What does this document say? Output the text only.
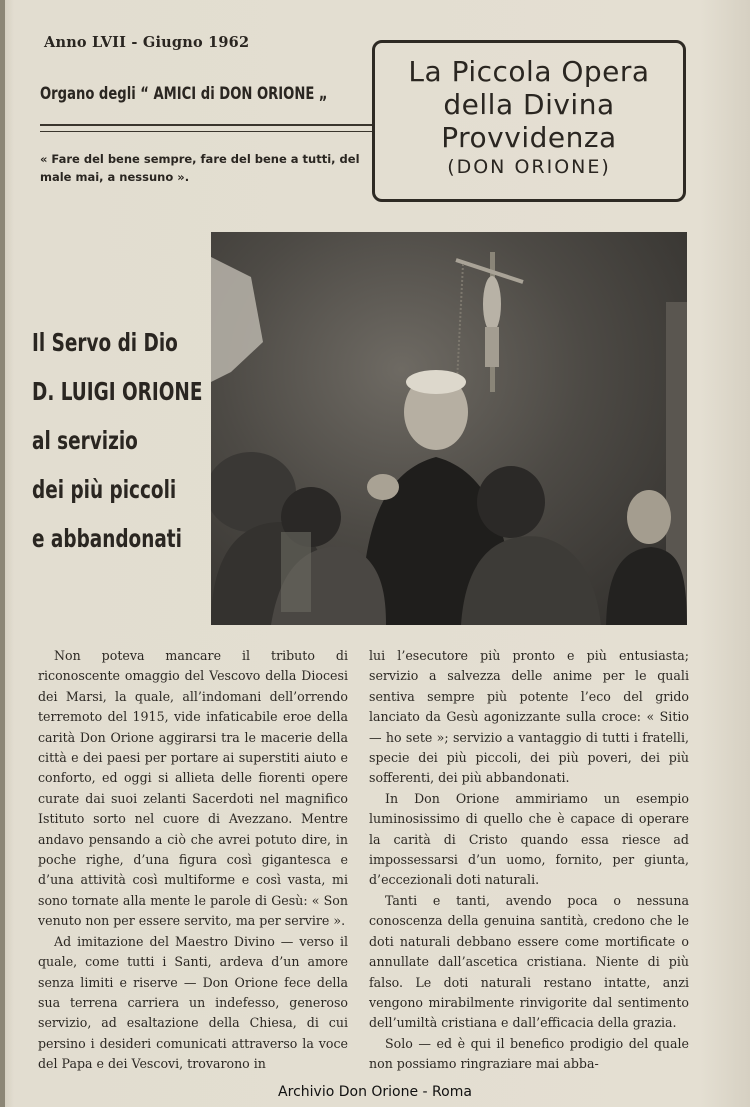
Anno LVII - Giugno 1962
Organo degli “ AMICI di DON ORIONE „
« Fare del bene sempre, fare del bene a tutti, del male mai, a nessuno ».
La Piccola Opera
della Divina
Provvidenza
(DON ORIONE)
Il Servo di Dio
D. LUIGI ORIONE
al servizio
dei più piccoli
e abbandonati

Non poteva mancare il tributo di riconoscente omaggio del Vescovo della Diocesi dei Marsi, la quale, all’indomani dell’orrendo terremoto del 1915, vide infaticabile eroe della carità Don Orione aggirarsi tra le macerie della città e dei paesi per portare ai superstiti aiuto e conforto, ed oggi si allieta delle fiorenti opere curate dai suoi zelanti Sacerdoti nel magnifico Istituto sorto nel cuore di Avezzano. Mentre andavo pensando a ciò che avrei potuto dire, in poche righe, d’una figura così gigantesca e d’una attività così multiforme e così vasta, mi sono tornate alla mente le parole di Gesù: « Son venuto non per essere servito, ma per servire ».

Ad imitazione del Maestro Divino — verso il quale, come tutti i Santi, ardeva d’un amore senza limiti e riserve — Don Orione fece della sua terrena carriera un indefesso, generoso servizio, ad esaltazione della Chiesa, di cui persino i desideri comunicati attraverso la voce del Papa e dei Vescovi, trovarono in

lui l’esecutore più pronto e più entusiasta; servizio a salvezza delle anime per le quali sentiva sempre più potente l’eco del grido lanciato da Gesù agonizzante sulla croce: « Sitio — ho sete »; servizio a vantaggio di tutti i fratelli, specie dei più piccoli, dei più poveri, dei più sofferenti, dei più abbandonati.

In Don Orione ammiriamo un esempio luminosissimo di quello che è capace di operare la carità di Cristo quando essa riesce ad impossessarsi d’un uomo, fornito, per giunta, d’eccezionali doti naturali.

Tanti e tanti, avendo poca o nessuna conoscenza della genuina santità, credono che le doti naturali debbano essere come mortificate o annullate dall’ascetica cristiana. Niente di più falso. Le doti naturali restano intatte, anzi vengono mirabilmente rinvigorite dal sentimento dell’umiltà cristiana e dall’efficacia della grazia.

Solo — ed è qui il benefico prodigio del quale non possiamo ringraziare mai abba-

Archivio Don Orione - Roma
